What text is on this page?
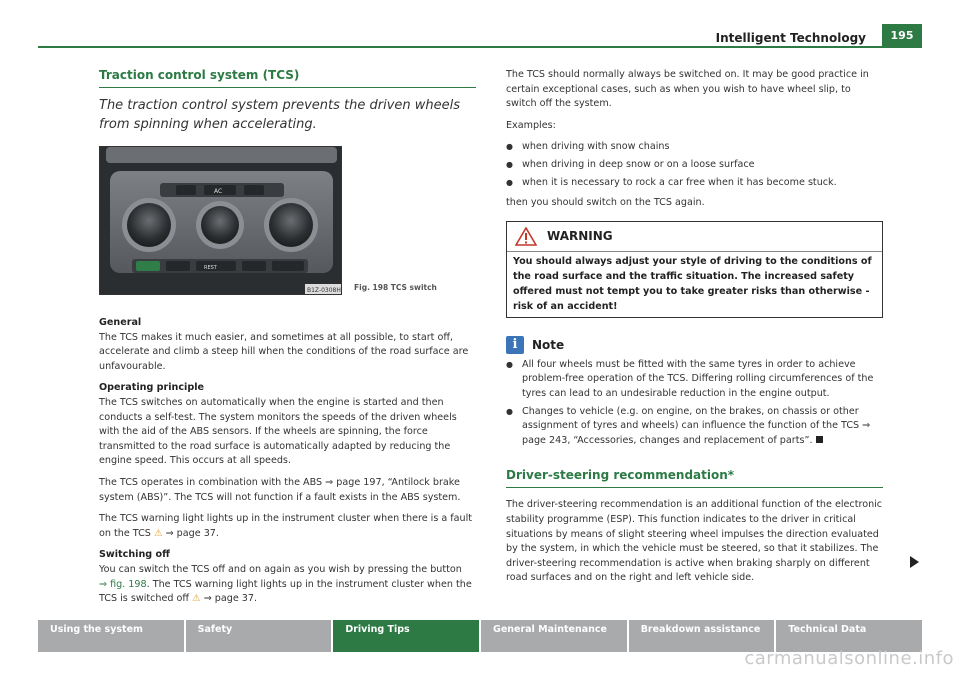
Intelligent Technology	195
Traction control system (TCS)
The traction control system prevents the driven wheels from spinning when accelerating.
AC
REST
B1Z-0308H Fig. 198 TCS switch
General

The TCS makes it much easier, and sometimes at all possible, to start off, accelerate and climb a steep hill when the conditions of the road surface are unfavourable.

Operating principle

The TCS switches on automatically when the engine is started and then conducts a self-test. The system monitors the speeds of the driven wheels with the aid of the ABS sensors. If the wheels are spinning, the force transmitted to the road surface is automatically adapted by reducing the engine speed. This occurs at all speeds.

The TCS operates in combination with the ABS ⇒ page 197, “Antilock brake system (ABS)”. The TCS will not function if a fault exists in the ABS system.

The TCS warning light lights up in the instrument cluster when there is a fault on the TCS ⚠ ⇒ page 37.

Switching off

You can switch the TCS off and on again as you wish by pressing the button
⇒ fig. 198. The TCS warning light lights up in the instrument cluster when the TCS is switched off ⚠ ⇒ page 37.

The TCS should normally always be switched on. It may be good practice in certain exceptional cases, such as when you wish to have wheel slip, to switch off the system.

Examples:

● when driving with snow chains
● when driving in deep snow or on a loose surface
● when it is necessary to rock a car free when it has become stuck.

then you should switch on the TCS again.

WARNING
You should always adjust your style of driving to the conditions of the road surface and the traffic situation. The increased safety offered must not tempt you to take greater risks than otherwise - risk of an accident!
i	Note
● All four wheels must be fitted with the same tyres in order to achieve problem-free operation of the TCS. Differing rolling circumferences of the tyres can lead to an undesirable reduction in the engine output.
● Changes to vehicle (e.g. on engine, on the brakes, on chassis or other assignment of tyres and wheels) can influence the function of the TCS ⇒ page 243, “Accessories, changes and replacement of parts”.
Driver-steering recommendation*

The driver-steering recommendation is an additional function of the electronic stability programme (ESP). This function indicates to the driver in critical situations by means of slight steering wheel impulses the direction evaluated by the system, in which the vehicle must be steered, so that it stabilizes. The driver-steering recommendation is active when braking sharply on different road surfaces and on the right and left vehicle side.

Using the system	Safety	Driving Tips	General Maintenance	Breakdown assistance	Technical Data
carmanualsonline.info
